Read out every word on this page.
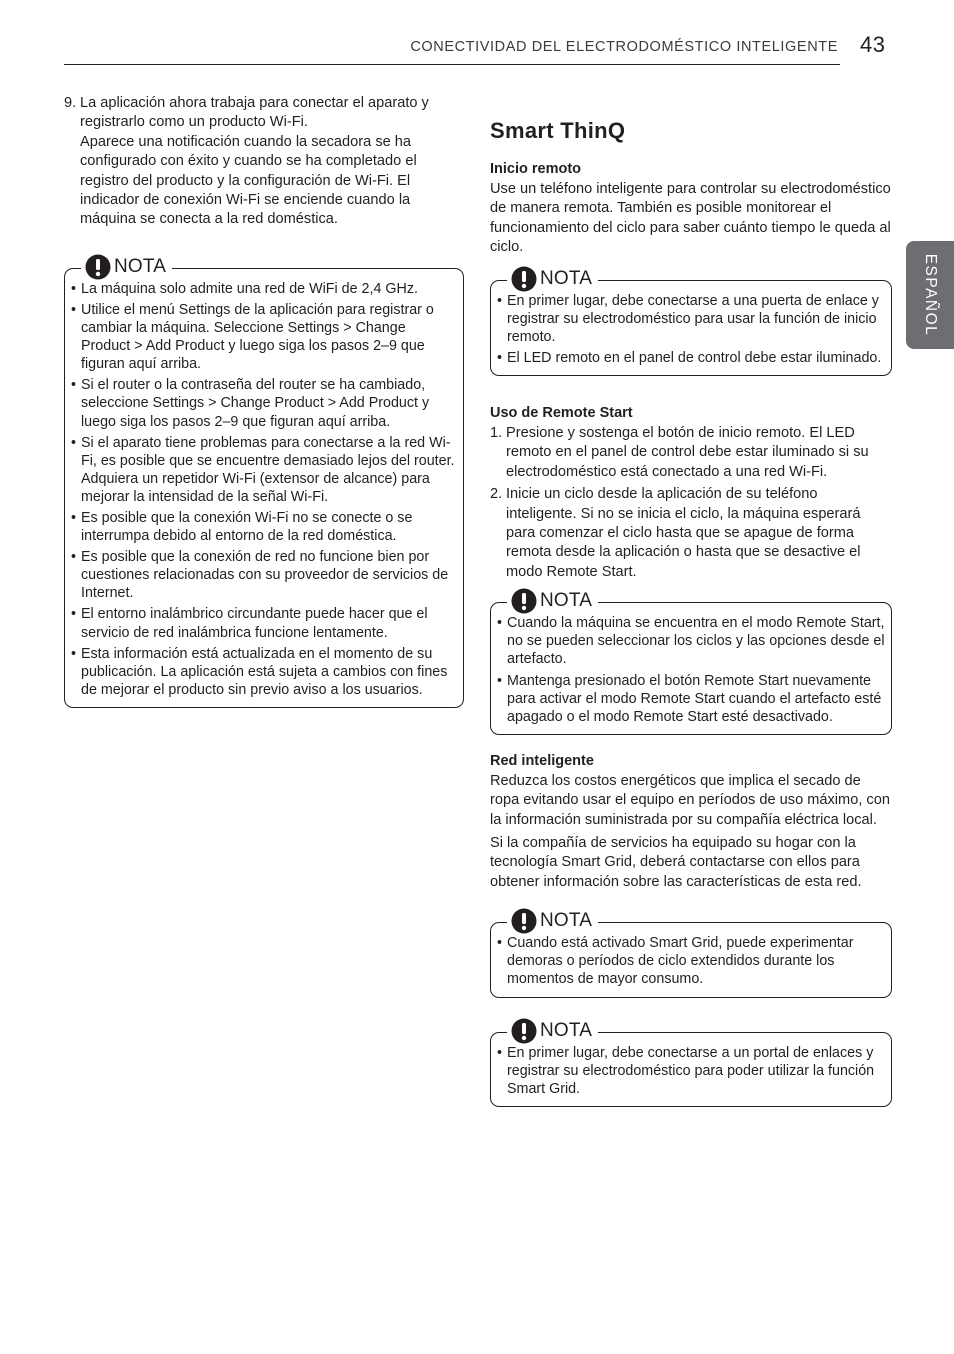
CONECTIVIDAD DEL ELECTRODOMÉSTICO INTELIGENTE 43
ESPAÑOL
9. La aplicación ahora trabaja para conectar el aparato y registrarlo como un producto Wi-Fi.

Aparece una notificación cuando la secadora se ha configurado con éxito y cuando se ha completado el registro del producto y la configuración de Wi-Fi. El indicador de conexión Wi-Fi se enciende cuando la máquina se conecta a la red doméstica.

NOTA
• La máquina solo admite una red de WiFi de 2,4 GHz.
• Utilice el menú Settings de la aplicación para registrar o cambiar la máquina. Seleccione Settings > Change Product > Add Product y luego siga los pasos 2–9 que figuran aquí arriba.
• Si el router o la contraseña del router se ha cambiado, seleccione Settings > Change Product > Add Product y luego siga los pasos 2–9 que figuran aquí arriba.
• Si el aparato tiene problemas para conectarse a la red Wi-Fi, es posible que se encuentre demasiado lejos del router. Adquiera un repetidor Wi-Fi (extensor de alcance) para mejorar la intensidad de la señal Wi-Fi.
• Es posible que la conexión Wi-Fi no se conecte o se interrumpa debido al entorno de la red doméstica.
• Es posible que la conexión de red no funcione bien por cuestiones relacionadas con su proveedor de servicios de Internet.
• El entorno inalámbrico circundante puede hacer que el servicio de red inalámbrica funcione lentamente.
• Esta información está actualizada en el momento de su publicación. La aplicación está sujeta a cambios con fines de mejorar el producto sin previo aviso a los usuarios.
Smart ThinQ
Inicio remoto

Use un teléfono inteligente para controlar su electrodoméstico de manera remota. También es posible monitorear el funcionamiento del ciclo para saber cuánto tiempo le queda al ciclo.

NOTA
• En primer lugar, debe conectarse a una puerta de enlace y registrar su electrodoméstico para usar la función de inicio remoto.
• El LED remoto en el panel de control debe estar iluminado.
Uso de Remote Start
1. Presione y sostenga el botón de inicio remoto. El LED remoto en el panel de control debe estar iluminado si su electrodoméstico está conectado a una red Wi-Fi.
2. Inicie un ciclo desde la aplicación de su teléfono inteligente. Si no se inicia el ciclo, la máquina esperará para comenzar el ciclo hasta que se apague de forma remota desde la aplicación o hasta que se desactive el modo Remote Start.
NOTA
• Cuando la máquina se encuentra en el modo Remote Start, no se pueden seleccionar los ciclos y las opciones desde el artefacto.
• Mantenga presionado el botón Remote Start nuevamente para activar el modo Remote Start cuando el artefacto esté apagado o el modo Remote Start esté desactivado.
Red inteligente

Reduzca los costos energéticos que implica el secado de ropa evitando usar el equipo en períodos de uso máximo, con la información suministrada por su compañía eléctrica local.

Si la compañía de servicios ha equipado su hogar con la tecnología Smart Grid, deberá contactarse con ellos para obtener información sobre las características de esta red.

NOTA
• Cuando está activado Smart Grid, puede experimentar demoras o períodos de ciclo extendidos durante los momentos de mayor consumo.
NOTA
• En primer lugar, debe conectarse a un portal de enlaces y registrar su electrodoméstico para poder utilizar la función Smart Grid.
